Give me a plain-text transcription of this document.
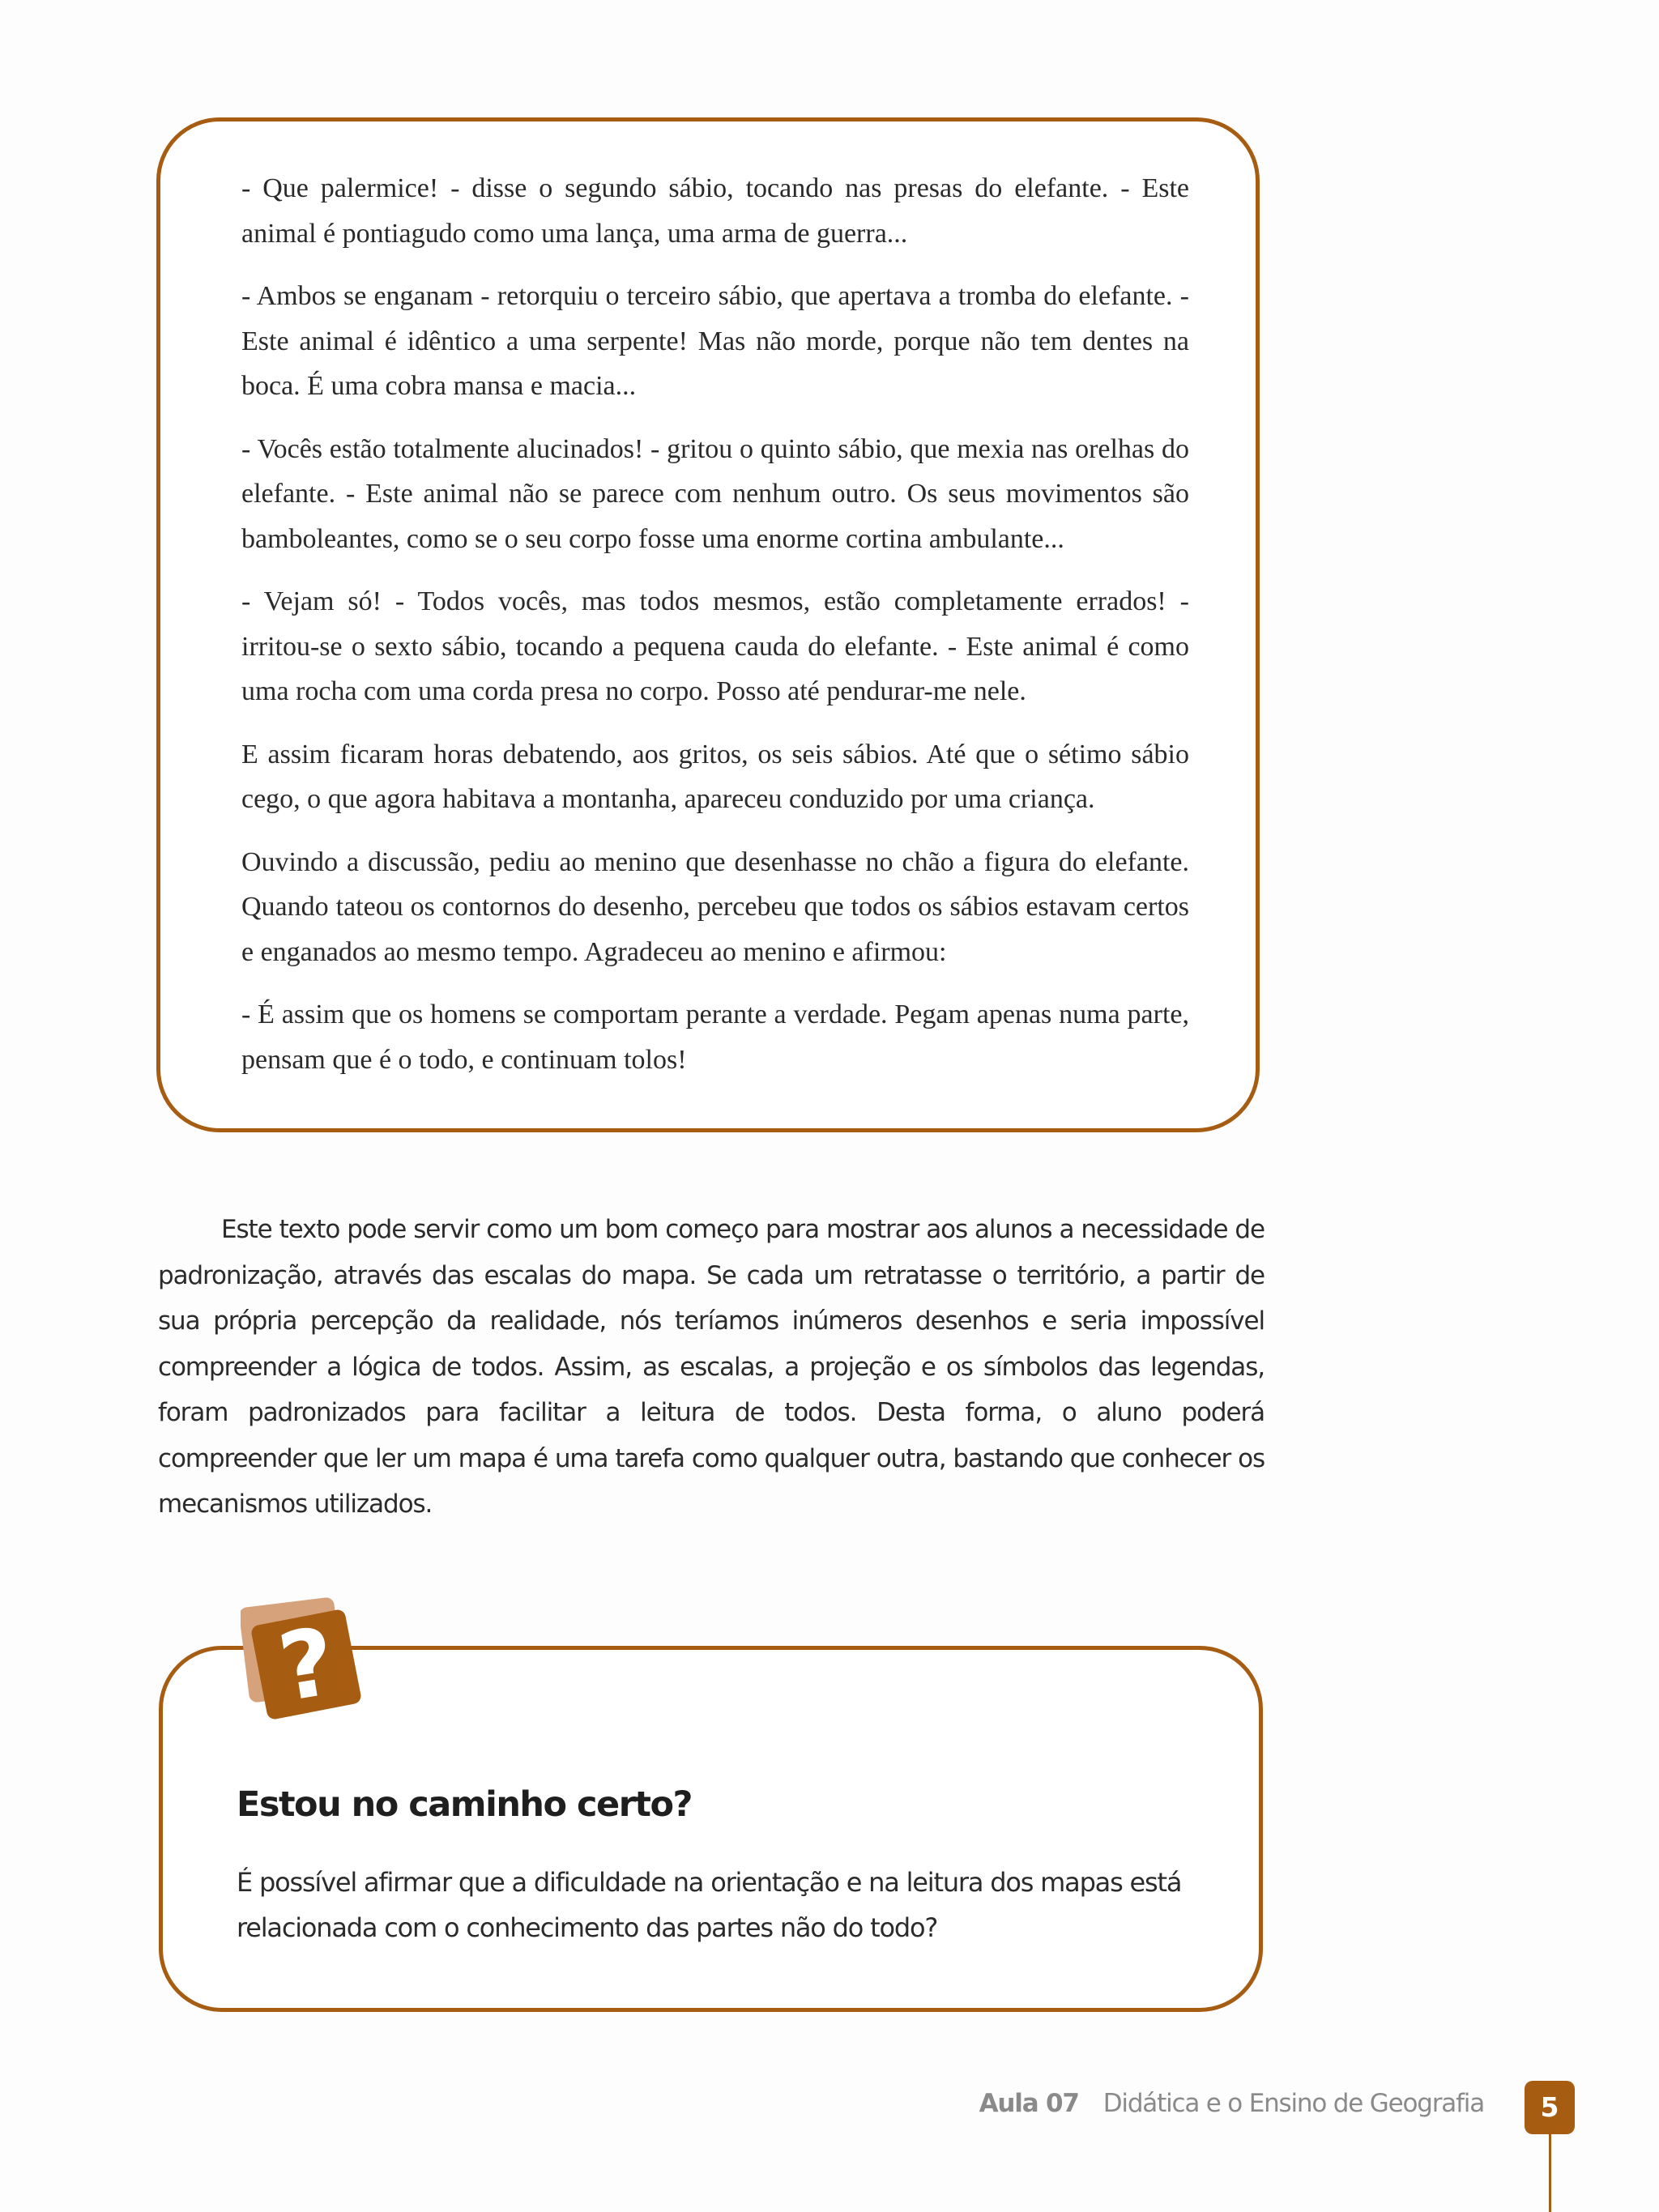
- Que palermice! - disse o segundo sábio, tocando nas presas do elefante. - Este animal é pontiagudo como uma lança, uma arma de guerra...

- Ambos se enganam - retorquiu o terceiro sábio, que apertava a tromba do elefante. - Este animal é idêntico a uma serpente! Mas não morde, porque não tem dentes na boca. É uma cobra mansa e macia...

- Vocês estão totalmente alucinados! - gritou o quinto sábio, que mexia nas orelhas do elefante. - Este animal não se parece com nenhum outro. Os seus movimentos são bamboleantes, como se o seu corpo fosse uma enorme cortina ambulante...

- Vejam só! - Todos vocês, mas todos mesmos, estão completamente errados! - irritou-se o sexto sábio, tocando a pequena cauda do elefante. - Este animal é como uma rocha com uma corda presa no corpo. Posso até pendurar-me nele.

E assim ficaram horas debatendo, aos gritos, os seis sábios. Até que o sétimo sábio cego, o que agora habitava a montanha, apareceu conduzido por uma criança.

Ouvindo a discussão, pediu ao menino que desenhasse no chão a figura do elefante. Quando tateou os contornos do desenho, percebeu que todos os sábios estavam certos e enganados ao mesmo tempo. Agradeceu ao menino e afirmou:

- É assim que os homens se comportam perante a verdade. Pegam apenas numa parte, pensam que é o todo, e continuam tolos!

Este texto pode servir como um bom começo para mostrar aos alunos a necessidade de padronização, através das escalas do mapa. Se cada um retratasse o território, a partir de sua própria percepção da realidade, nós teríamos inúmeros desenhos e seria impossível compreender a lógica de todos. Assim, as escalas, a projeção e os símbolos das legendas, foram padronizados para facilitar a leitura de todos. Desta forma, o aluno poderá compreender que ler um mapa é uma tarefa como qualquer outra, bastando que conhecer os mecanismos utilizados.

?
Estou no caminho certo?

É possível afirmar que a dificuldade na orientação e na leitura dos mapas está relacionada com o conhecimento das partes não do todo?

Aula 07 Didática e o Ensino de Geografia	5
